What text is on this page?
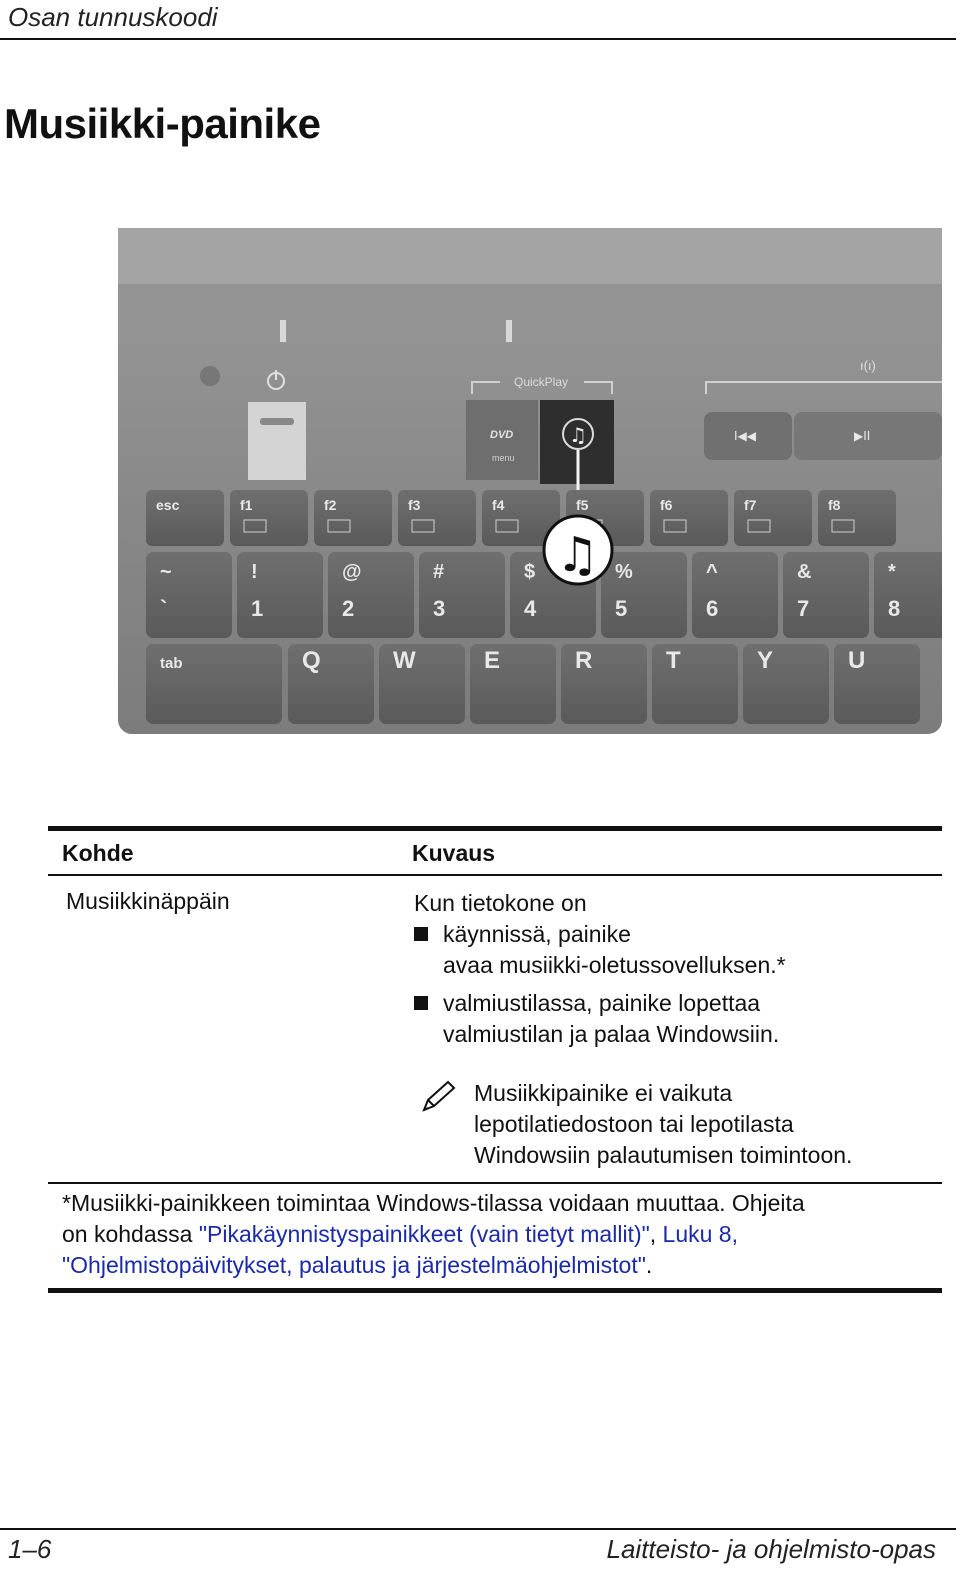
Osan tunnuskoodi
Musiikki-painike
QuickPlay
ı(ı)
DVD
menu
♫	I◀◀	▶II
esc	f1	f2	f3	f4	f5	f6	f7	f8
~
`
!
1
@
2
#
3
$
4
%
5
^
6
&
7
*
8
tab	Q	W	E	R	T	Y	U
♫
Kohde	Kuvaus
Musiikkinäppäin	Kun tietokone on
käynnissä, painike
avaa musiikki-oletussovelluksen.*
valmiustilassa, painike lopettaa
valmiustilan ja palaa Windowsiin.
Musiikkipainike ei vaikuta
lepotilatiedostoon tai lepotilasta
Windowsiin palautumisen toimintoon.
*Musiikki-painikkeen toimintaa Windows-tilassa voidaan muuttaa. Ohjeita
on kohdassa "Pikakäynnistyspainikkeet (vain tietyt mallit)", Luku 8,
"Ohjelmistopäivitykset, palautus ja järjestelmäohjelmistot".
1–6	Laitteisto- ja ohjelmisto-opas
